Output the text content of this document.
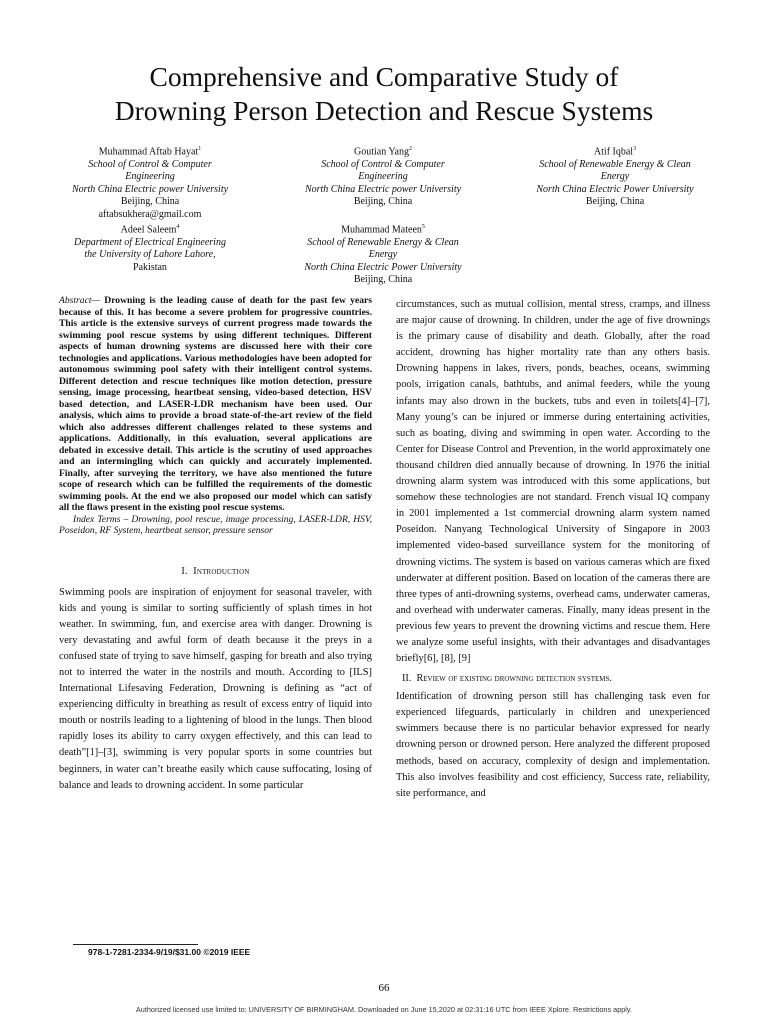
Comprehensive and Comparative Study of
Drowning Person Detection and Rescue Systems
Muhammad Aftab Hayat$^1$
School of Control & Computer
Engineering
North China Electric power University
Beijing, China
aftabsukhera@gmail.com
Goutian Yang$^2$
School of Control & Computer
Engineering
North China Electric power University
Beijing, China
Atif Iqbal$^3$
School of Renewable Energy & Clean
Energy
North China Electric Power University
Beijing, China
Adeel Saleem$^4$
Department of Electrical Engineering
the University of Lahore Lahore,
Pakistan
Muhammad Mateen$^5$
School of Renewable Energy & Clean
Energy
North China Electric Power University
Beijing, China

Abstract— Drowning is the leading cause of death for the past few years because of this. It has become a severe problem for progressive countries. This article is the extensive surveys of current progress made towards the swimming pool rescue systems by using different techniques. Different aspects of human drowning systems are discussed here with their core technologies and applications. Various methodologies have been adopted for autonomous swimming pool safety with their intelligent control systems. Different detection and rescue techniques like motion detection, pressure sensing, image processing, heartbeat sensing, video-based detection, HSV based detection, and LASER-LDR mechanism have been used. Our analysis, which aims to provide a broad state-of-the-art review of the field which also addresses different challenges related to these systems and applications. Additionally, in this evaluation, several applications are debated in excessive detail. This article is the scrutiny of used approaches and an intermingling which can quickly and accurately implemented. Finally, after surveying the territory, we have also mentioned the future scope of research which can be fulfilled the requirements of the domestic swimming pools. At the end we also proposed our model which can satisfy all the flaws present in the existing pool rescue systems.

Index Terms – Drowning, pool rescue, image processing, LASER-LDR, HSV, Poseidon, RF System, heartbeat sensor, pressure sensor

I. Introduction

Swimming pools are inspiration of enjoyment for seasonal traveler, with kids and young is similar to sorting sufficiently of splash times in hot weather. In swimming, fun, and exercise area with danger. Drowning is very devastating and awful form of death because it the preys in a confused state of trying to save himself, gasping for breath and also trying not to interred the water in the nostrils and mouth. According to [ILS] International Lifesaving Federation, Drowning is defining as “act of experiencing difficulty in breathing as result of excess entry of liquid into mouth or nostrils leading to a lightening of blood in the lungs. Then blood rapidly loses its ability to carry oxygen effectively, and this can lead to death”[1]–[3], swimming is very popular sports in some countries but beginners, in water can’t breathe easily which cause suffocating, losing of balance and leads to drowning accident. In some particular

circumstances, such as mutual collision, mental stress, cramps, and illness are major cause of drowning. In children, under the age of five drownings is the primary cause of disability and death. Globally, after the road accident, drowning has higher mortality rate than any others basis. Drowning happens in lakes, rivers, ponds, beaches, oceans, swimming pools, irrigation canals, bathtubs, and animal feeders, while the young infants may also drown in the buckets, tubs and even in toilets[4]–[7], Many young’s can be injured or immerse during entertaining activities, such as boating, diving and swimming in open water. According to the Center for Disease Control and Prevention, in the world approximately one thousand children died annually because of drowning. In 1976 the initial drowning alarm system was introduced with this some applications, but somehow these technologies are not standard. French visual IQ company in 2001 implemented a 1st commercial drowning alarm system named Poseidon. Nanyang Technological University of Singapore in 2003 implemented video-based surveillance system for the monitoring of drowning victims. The system is based on various cameras which are fixed underwater at different position. Based on location of the cameras there are three types of anti-drowning systems, overhead cams, underwater cameras, and overhead with underwater cameras. Finally, many ideas present in the previous few years to prevent the drowning victims and rescue them. Here we analyze some useful insights, with their advantages and disadvantages briefly[6], [8], [9]

II. Review of existing drowning detection systems.

Identification of drowning person still has challenging task even for experienced lifeguards, particularly in children and unexperienced swimmers because there is no particular behavior expressed for nearly drowning person or drowned person. Here analyzed the different proposed methods, based on accuracy, complexity of design and implementation. This also involves feasibility and cost efficiency, Success rate, reliability, site performance, and

978-1-7281-2334-9/19/$31.00 ©2019 IEEE
66
Authorized licensed use limited to: UNIVERSITY OF BIRMINGHAM. Downloaded on June 15,2020 at 02:31:16 UTC from IEEE Xplore. Restrictions apply.
